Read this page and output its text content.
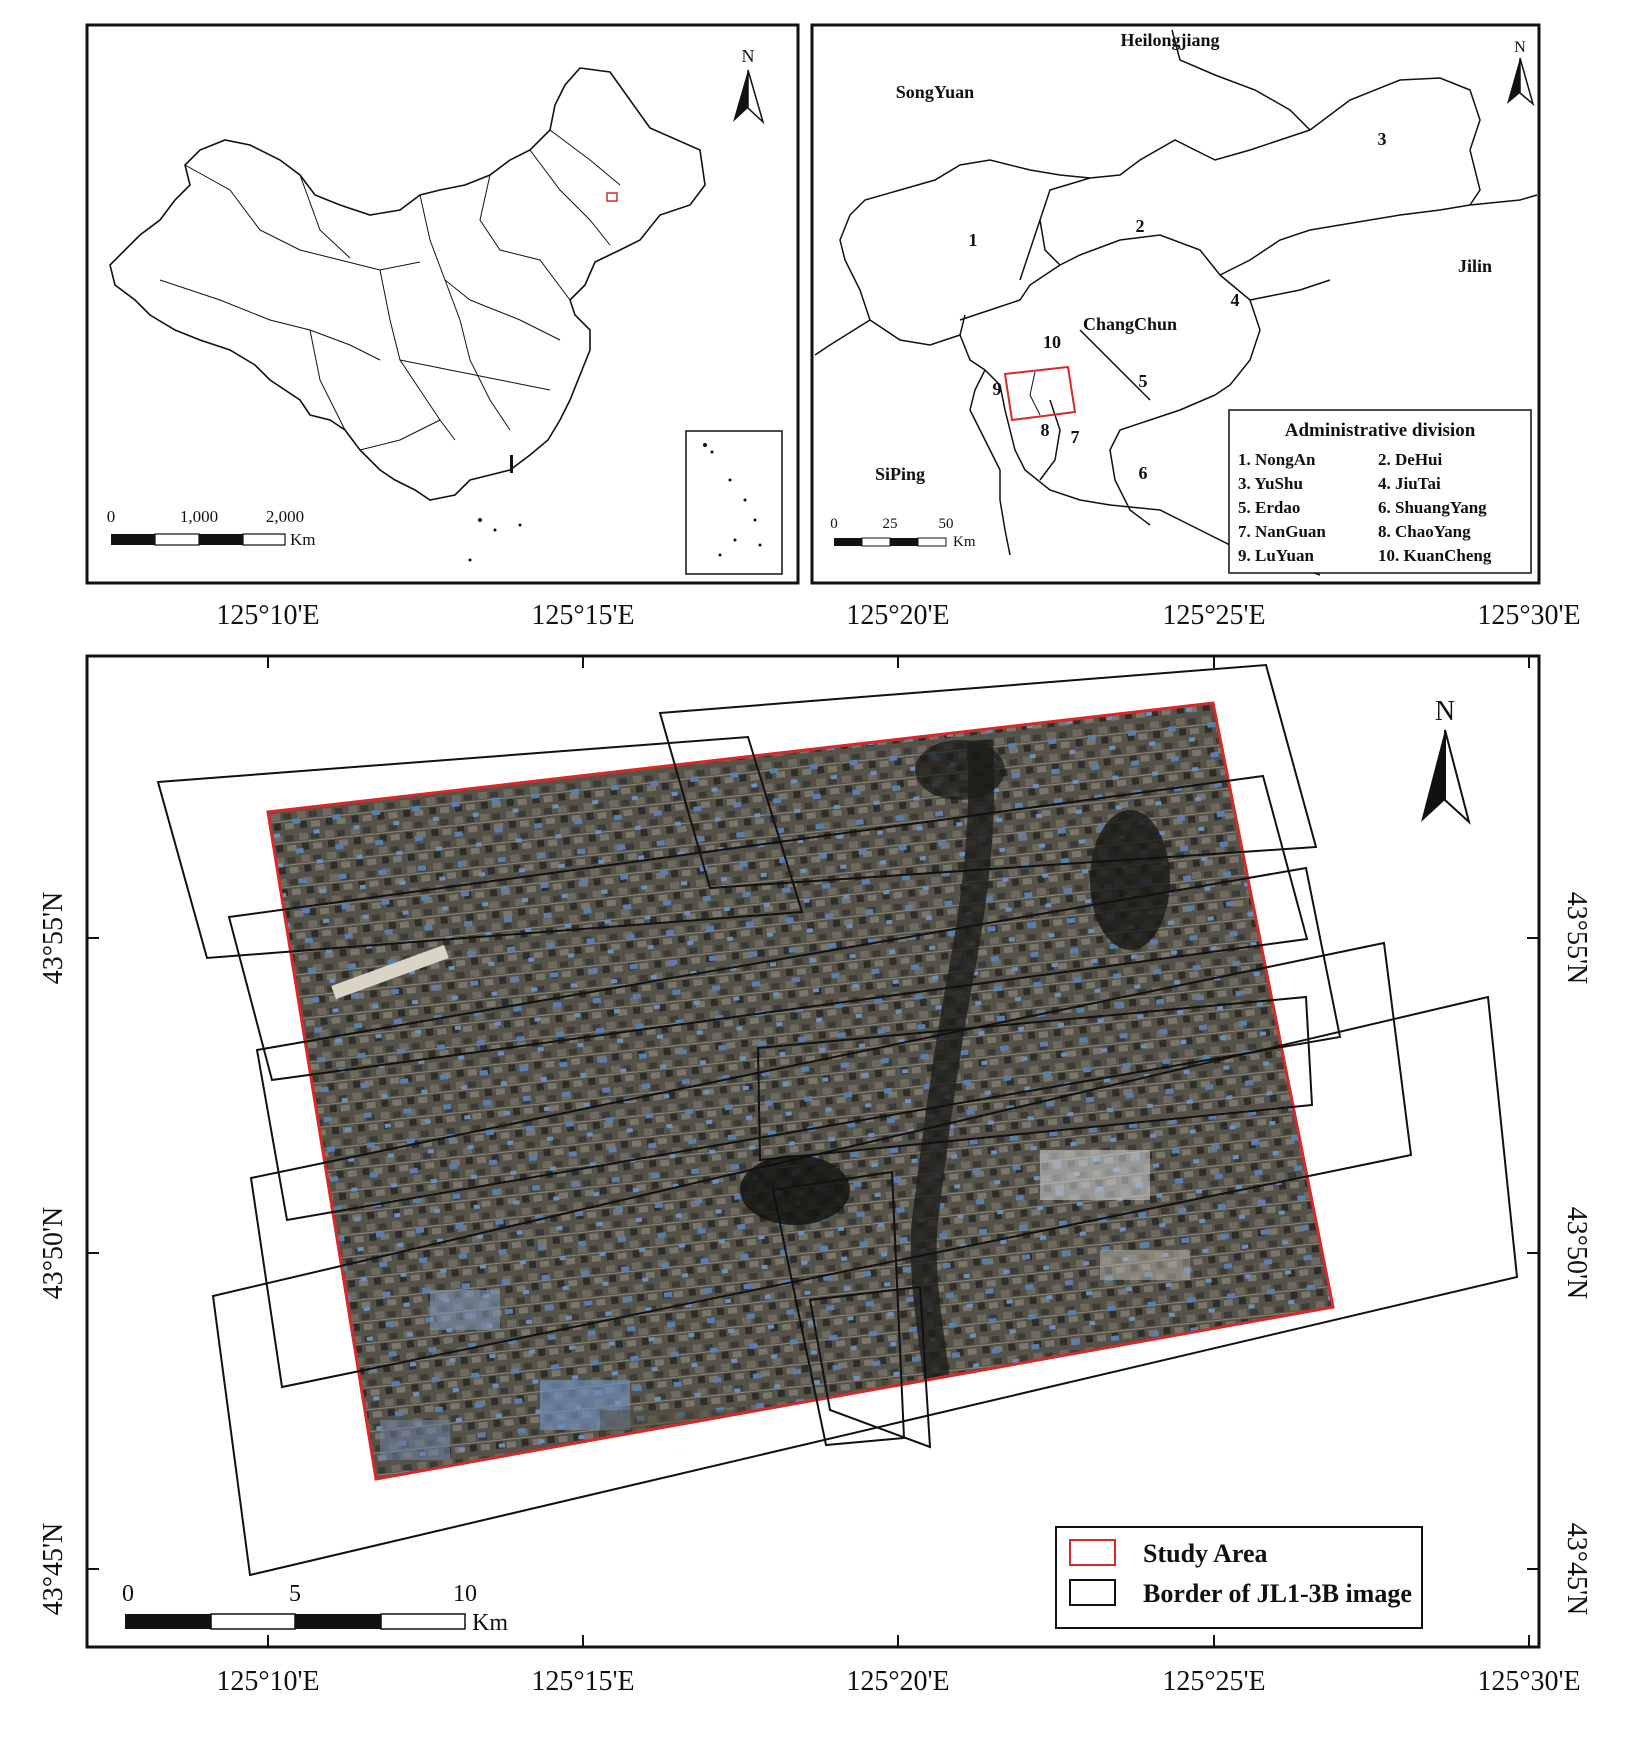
N
0	1,000	2,000
Km
Heilongjiang
SongYuan
Jilin
ChangChun
SiPing
1
2
3
4
5
6
7
8
9
10
N
0	25	50
Km
Administrative division
1. NongAn	2. DeHui
3. YuShu	4. JiuTai
5. Erdao	6. ShuangYang
7. NanGuan	8. ChaoYang
9. LuYuan	10. KuanCheng
125°10'E	125°15'E	125°20'E	125°25'E	125°30'E
43°55'N
43°50'N
43°45'N
43°55'N
43°50'N
43°45'N
125°10'E	125°15'E	125°20'E	125°25'E	125°30'E
N
0	5	10
Km
Study Area
Border of JL1-3B image
